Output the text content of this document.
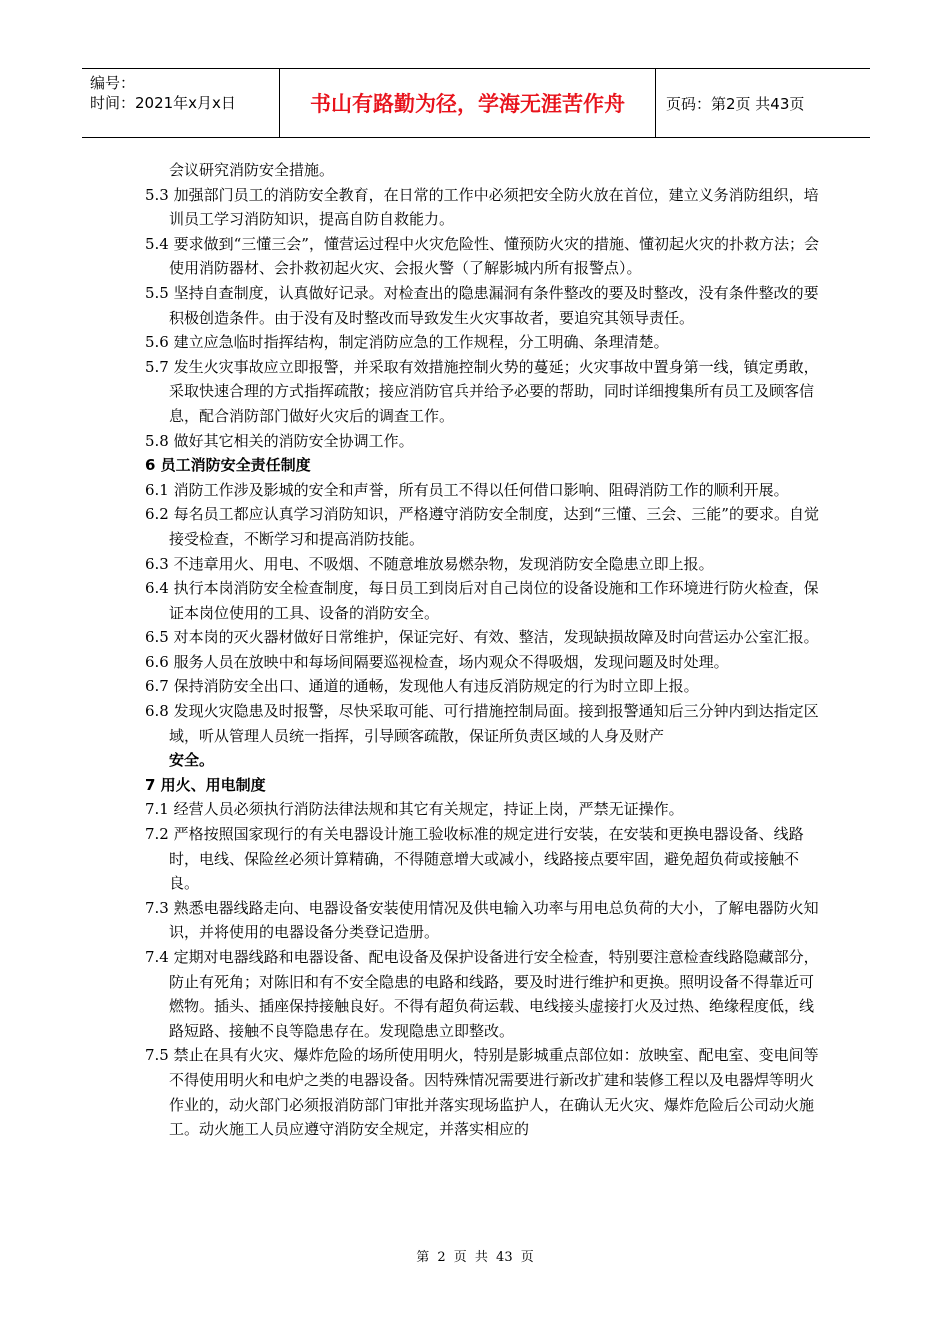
编号：
时间：2021年x月x日	书山有路勤为径，学海无涯苦作舟	页码：第2页 共43页
会议研究消防安全措施。
5.3 加强部门员工的消防安全教育，在日常的工作中必须把安全防火放在首位，建立义务消防组织，培训员工学习消防知识，提高自防自救能力。
5.4 要求做到“三懂三会”，懂营运过程中火灾危险性、懂预防火灾的措施、懂初起火灾的扑救方法；会使用消防器材、会扑救初起火灾、会报火警（了解影城内所有报警点）。
5.5 坚持自查制度，认真做好记录。对检查出的隐患漏洞有条件整改的要及时整改，没有条件整改的要积极创造条件。由于没有及时整改而导致发生火灾事故者，要追究其领导责任。
5.6 建立应急临时指挥结构，制定消防应急的工作规程，分工明确、条理清楚。
5.7 发生火灾事故应立即报警，并采取有效措施控制火势的蔓延；火灾事故中置身第一线，镇定勇敢，采取快速合理的方式指挥疏散；接应消防官兵并给予必要的帮助，同时详细搜集所有员工及顾客信息，配合消防部门做好火灾后的调查工作。
5.8 做好其它相关的消防安全协调工作。
6 员工消防安全责任制度
6.1 消防工作涉及影城的安全和声誉，所有员工不得以任何借口影响、阻碍消防工作的顺利开展。
6.2 每名员工都应认真学习消防知识，严格遵守消防安全制度，达到“三懂、三会、三能”的要求。自觉接受检查，不断学习和提高消防技能。
6.3 不违章用火、用电、不吸烟、不随意堆放易燃杂物，发现消防安全隐患立即上报。
6.4 执行本岗消防安全检查制度，每日员工到岗后对自己岗位的设备设施和工作环境进行防火检查，保证本岗位使用的工具、设备的消防安全。
6.5 对本岗的灭火器材做好日常维护，保证完好、有效、整洁，发现缺损故障及时向营运办公室汇报。
6.6 服务人员在放映中和每场间隔要巡视检查，场内观众不得吸烟，发现问题及时处理。
6.7 保持消防安全出口、通道的通畅，发现他人有违反消防规定的行为时立即上报。
6.8 发现火灾隐患及时报警，尽快采取可能、可行措施控制局面。接到报警通知后三分钟内到达指定区域，听从管理人员统一指挥，引导顾客疏散，保证所负责区域的人身及财产
安全。
7 用火、用电制度
7.1 经营人员必须执行消防法律法规和其它有关规定，持证上岗，严禁无证操作。
7.2 严格按照国家现行的有关电器设计施工验收标准的规定进行安装，在安装和更换电器设备、线路时，电线、保险丝必须计算精确，不得随意增大或减小，线路接点要牢固，避免超负荷或接触不良。
7.3 熟悉电器线路走向、电器设备安装使用情况及供电输入功率与用电总负荷的大小，了解电器防火知识，并将使用的电器设备分类登记造册。
7.4 定期对电器线路和电器设备、配电设备及保护设备进行安全检查，特别要注意检查线路隐藏部分，防止有死角；对陈旧和有不安全隐患的电路和线路，要及时进行维护和更换。照明设备不得靠近可燃物。插头、插座保持接触良好。不得有超负荷运载、电线接头虚接打火及过热、绝缘程度低，线路短路、接触不良等隐患存在。发现隐患立即整改。
7.5 禁止在具有火灾、爆炸危险的场所使用明火，特别是影城重点部位如：放映室、配电室、变电间等不得使用明火和电炉之类的电器设备。因特殊情况需要进行新改扩建和装修工程以及电器焊等明火作业的，动火部门必须报消防部门审批并落实现场监护人，在确认无火灾、爆炸危险后公司动火施工。动火施工人员应遵守消防安全规定，并落实相应的
第 2 页 共 43 页
